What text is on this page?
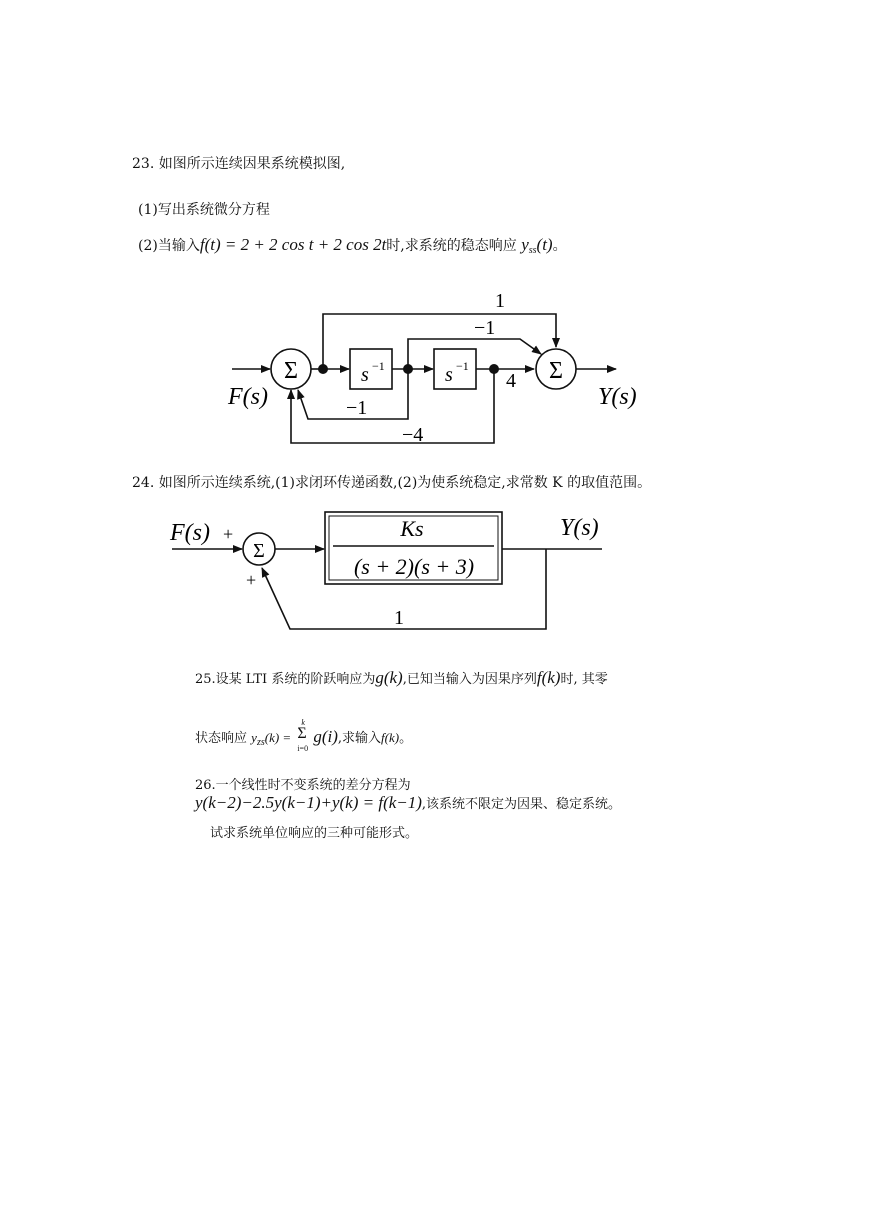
23. 如图所示连续因果系统模拟图,
(1)写出系统微分方程
(2)当输入f(t) = 2 + 2 cos t + 2 cos 2t时,求系统的稳态响应 $y_{ss}(t)$。
Σ	Σ
s −1	s −1
1
−1
4
−1
−4
F(s)	Y(s)
24. 如图所示连续系统,(1)求闭环传递函数,(2)为使系统稳定,求常数 K 的取值范围。
Σ
Ks
(s + 2)(s + 3)
F(s) +
+
Y(s)
1
25.设某 LTI 系统的阶跃响应为g(k),已知当输入为因果序列f(k)时, 其零
状态响应 $y_{zs}(k)$ =
k
Σ
i=0
g(i),求输入f(k)。
26.一个线性时不变系统的差分方程为
y(k−2)−2.5y(k−1)+y(k) = f(k−1),该系统不限定为因果、稳定系统。
试求系统单位响应的三种可能形式。
